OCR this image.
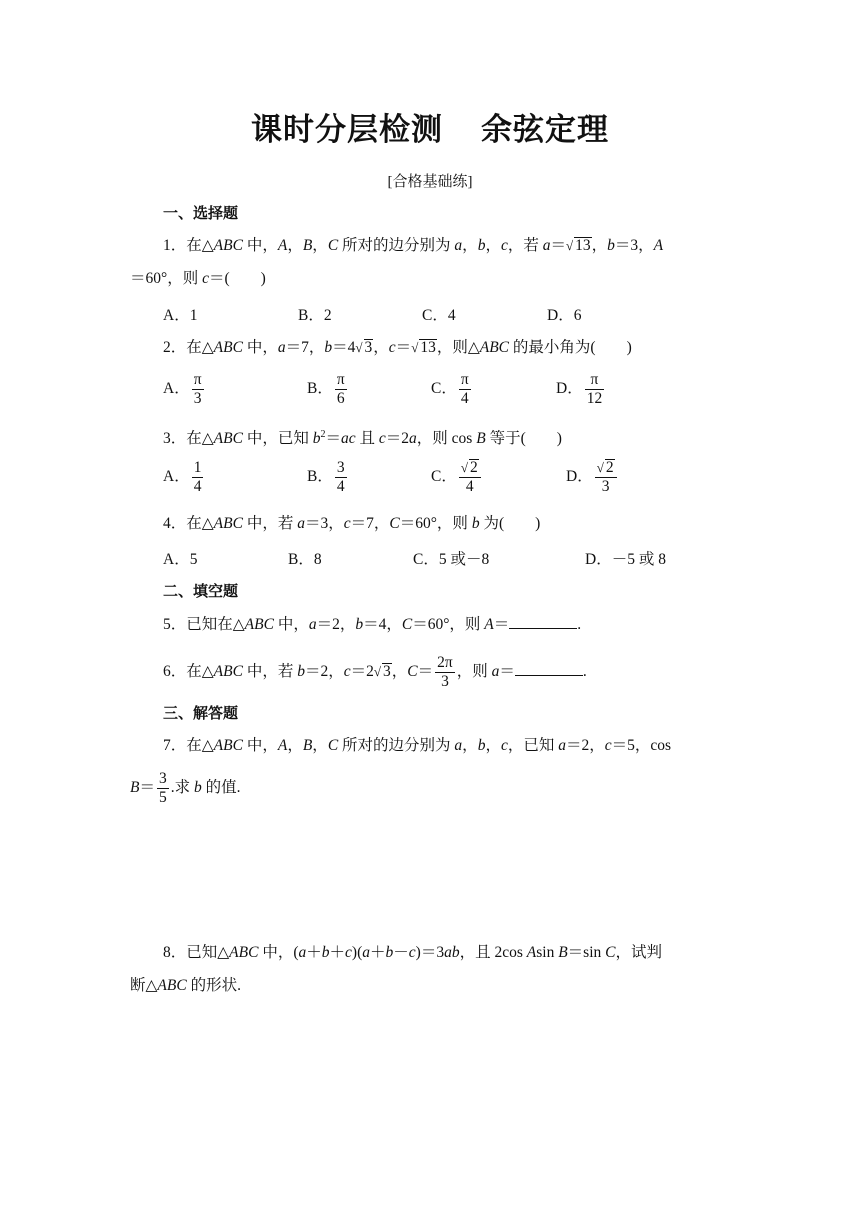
课时分层检测 余弦定理
[合格基础练]
一、选择题
1．在△ABC 中，A，B，C 所对的边分别为 a，b，c，若 a＝√ 13，b＝3，A
＝60°，则 c＝(　　)
A．1	B．2	C．4	D．6
2．在△ABC 中，a＝7，b＝4√ 3，c＝√ 13，则△ABC 的最小角为(　　)
A． $\frac{\pi}{3}$	B． $\frac{\pi}{6}$	C． $\frac{\pi}{4}$	D． $\frac{\pi}{12}$
3．在△ABC 中，已知 $b^2=ac$ 且 c＝2a，则 cos B 等于(　　)
A． $\frac{1}{4}$	B． $\frac{3}{4}$	C． $\frac{√ 2}{4}$	D． $\frac{√ 2}{3}$
4．在△ABC 中，若 a＝3，c＝7，C＝60°，则 b 为(　　)
A．5	B．8	C．5 或－8	D．－5 或 8
二、填空题
5．已知在△ABC 中，a＝2，b＝4，C＝60°，则 A＝	.
6．在△ABC 中，若 b＝2，c＝2√ 3，$C= \frac{2\pi}{3}$ ，则 a＝	.
三、解答题
7．在△ABC 中，A，B，C 所对的边分别为 a，b，c，已知 a＝2，c＝5，cos
$B= \frac{3}{5}$ .求 b 的值.
8．已知△ABC 中，(a＋b＋c)(a＋b－c)＝3ab，且 2cos Asin B＝sin C，试判
断△ABC 的形状.
